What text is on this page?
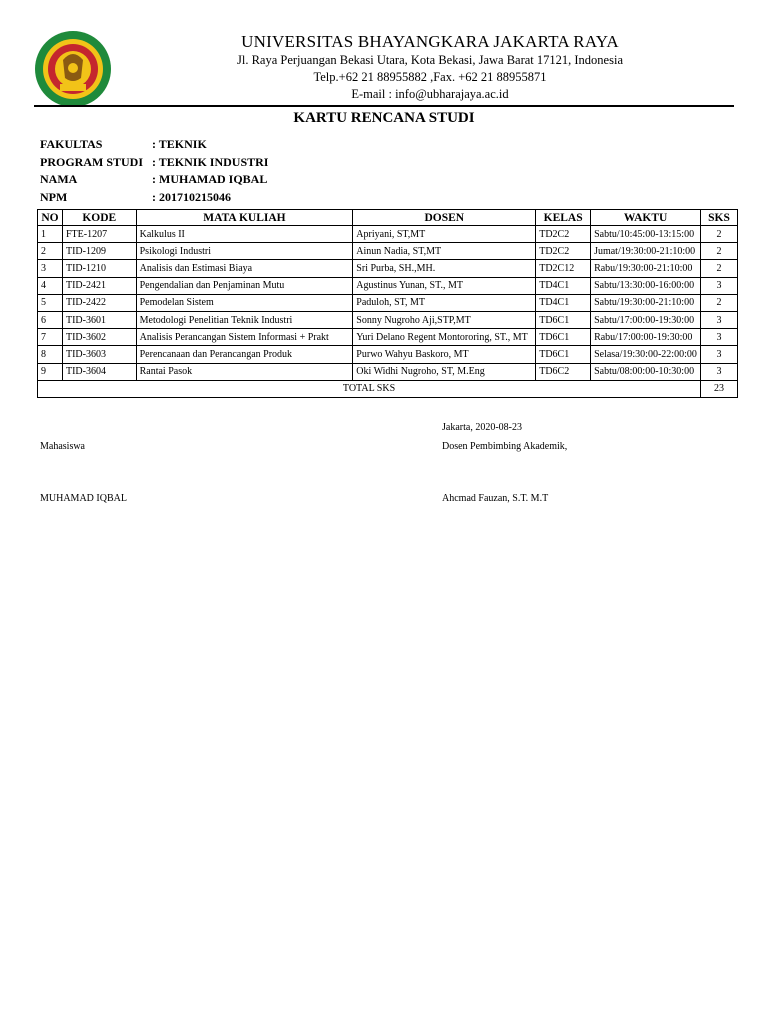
UNIVERSITAS BHAYANGKARA JAKARTA RAYA
Jl. Raya Perjuangan Bekasi Utara, Kota Bekasi, Jawa Barat 17121, Indonesia
Telp.+62 21 88955882 ,Fax. +62 21 88955871
E-mail : info@ubharajaya.ac.id
KARTU RENCANA STUDI
FAKULTAS	: TEKNIK
PROGRAM STUDI : TEKNIK INDUSTRI
NAMA	: MUHAMAD IQBAL
NPM	: 201710215046
NO	KODE	MATA KULIAH	DOSEN	KELAS	WAKTU	SKS
1	FTE-1207	Kalkulus II	Apriyani, ST,MT	TD2C2	Sabtu/10:45:00-13:15:00	2
2	TID-1209	Psikologi Industri	Ainun Nadia, ST,MT	TD2C2	Jumat/19:30:00-21:10:00	2
3	TID-1210	Analisis dan Estimasi Biaya	Sri Purba, SH.,MH.	TD2C12	Rabu/19:30:00-21:10:00	2
4	TID-2421	Pengendalian dan Penjaminan Mutu	Agustinus Yunan, ST., MT	TD4C1	Sabtu/13:30:00-16:00:00	3
5	TID-2422	Pemodelan Sistem	Paduloh, ST, MT	TD4C1	Sabtu/19:30:00-21:10:00	2
6	TID-3601	Metodologi Penelitian Teknik Industri	Sonny Nugroho Aji,STP,MT	TD6C1	Sabtu/17:00:00-19:30:00	3
7	TID-3602	Analisis Perancangan Sistem Informasi + Prakt	Yuri Delano Regent Montororing, ST., MT	TD6C1	Rabu/17:00:00-19:30:00	3
8	TID-3603	Perencanaan dan Perancangan Produk	Purwo Wahyu Baskoro, MT	TD6C1	Selasa/19:30:00-22:00:00	3
9	TID-3604	Rantai Pasok	Oki Widhi Nugroho, ST, M.Eng	TD6C2	Sabtu/08:00:00-10:30:00	3
TOTAL SKS						23
Jakarta, 2020-08-23
Mahasiswa	Dosen Pembimbing Akademik,
MUHAMAD IQBAL	Ahcmad Fauzan, S.T. M.T
